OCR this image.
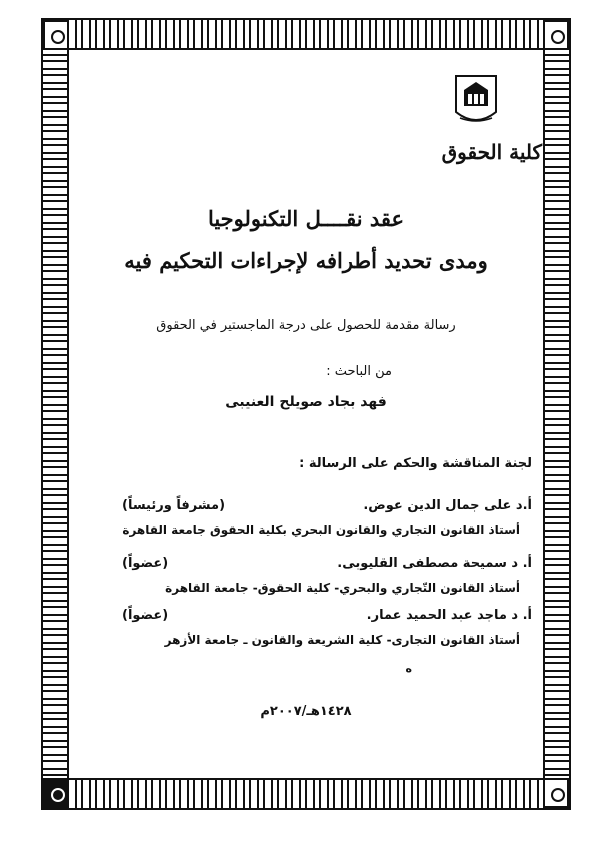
كلية الحقوق
عقد نقــــل التكنولوجيا
ومدى تحديد أطرافه لإجراءات التحكيم فيه
رسالة مقدمة للحصول على درجة الماجستير في الحقوق
من الباحث :
فهد بجاد صويلح العنيبى
لجنة المناقشة والحكم على الرسالة :
أ.د على جمال الدين عوض.
(مشرفاً ورئيساً)
أستاذ القانون التجاري والقانون البحري بكلية الحقوق جامعة القاهرة
أ. د سميحة مصطفى القليوبى.
(عضواً)
أستاذ القانون التّجاري والبحري- كلية الحقوق- جامعة القاهرة
أ. د ماجد عبد الحميد عمار.
(عضواً)
أستاذ القانون التجارى- كلية الشريعة والقانون ـ جامعة الأزهر
ه
١٤٢٨هـ/٢٠٠٧م
